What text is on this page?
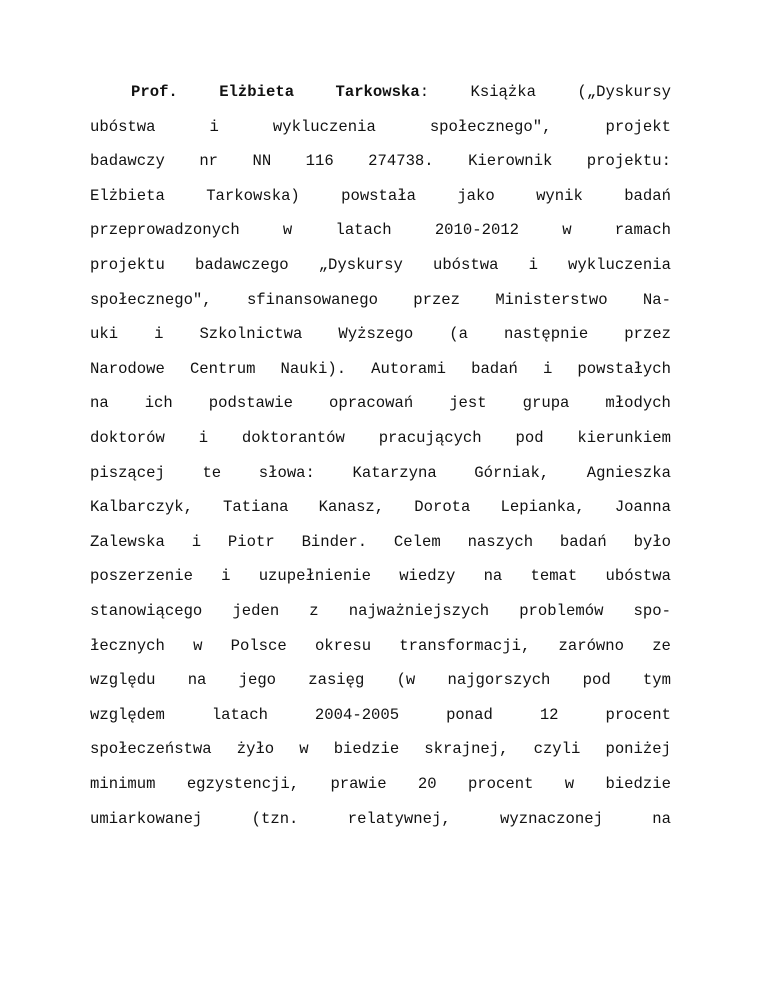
Prof.	Elżbieta	Tarkowska:	Książka	(„Dyskursy
ubóstwa	i	wykluczenia	społecznego",	projekt
badawczy nr NN 116 274738. Kierownik projektu:
Elżbieta	Tarkowska)	powstała	jako	wynik	badań
przeprowadzonych	w	latach	2010-2012	w	ramach
projektu badawczego „Dyskursy ubóstwa i wykluczenia
społecznego", sfinansowanego przez Ministerstwo Na-
uki i Szkolnictwa Wyższego (a następnie przez
Narodowe Centrum Nauki). Autorami badań i powstałych
na ich podstawie opracowań jest grupa młodych
doktorów i doktorantów pracujących pod kierunkiem
piszącej te słowa: Katarzyna Górniak, Agnieszka
Kalbarczyk, Tatiana Kanasz, Dorota Lepianka, Joanna
Zalewska i Piotr Binder. Celem naszych badań było
poszerzenie i uzupełnienie wiedzy na temat ubóstwa
stanowiącego jeden z najważniejszych problemów spo-
łecznych w Polsce okresu transformacji, zarówno ze
względu na jego zasięg (w najgorszych pod tym
względem	latach	2004-2005	ponad	12	procent
społeczeństwa żyło w biedzie skrajnej, czyli poniżej
minimum egzystencji, prawie 20 procent w biedzie
umiarkowanej	(tzn.	relatywnej,	wyznaczonej	na
